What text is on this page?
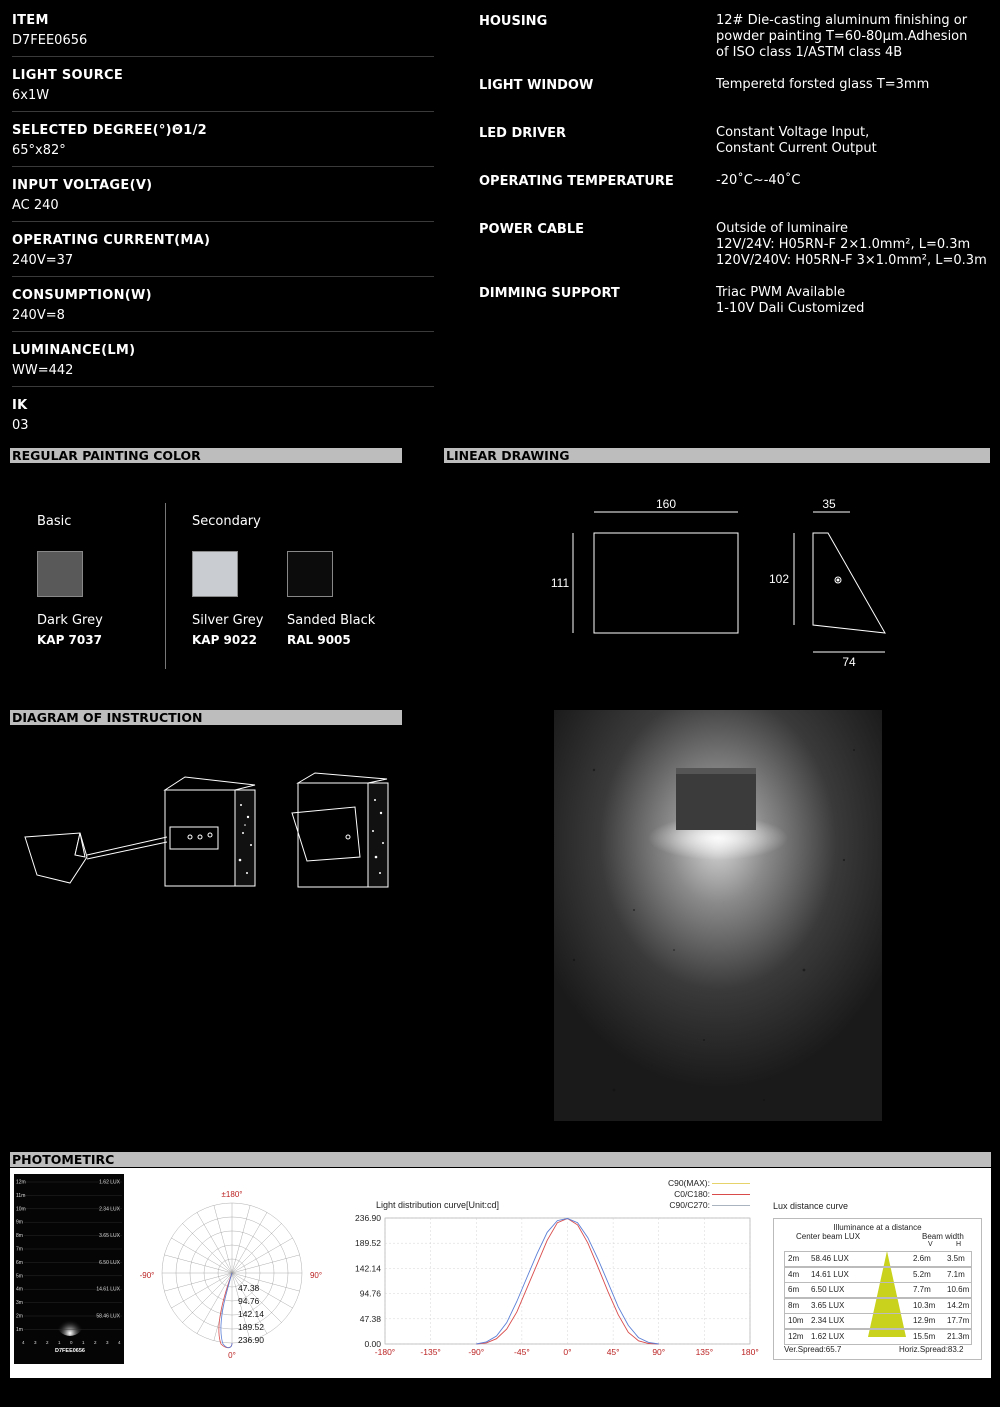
ITEM
D7FEE0656
LIGHT SOURCE
6x1W
SELECTED DEGREE(°)Θ1/2
65°x82°
INPUT VOLTAGE(V)
AC 240
OPERATING CURRENT(MA)
240V=37
CONSUMPTION(W)
240V=8
LUMINANCE(LM)
WW=442
IK
03
HOUSING	12# Die-casting aluminum finishing or
powder painting T=60-80μm.Adhesion
of ISO class 1/ASTM class 4B
LIGHT WINDOW	Temperetd forsted glass T=3mm
LED DRIVER	Constant Voltage Input,
Constant Current Output
OPERATING TEMPERATURE	-20˚C~-40˚C
POWER CABLE	Outside of luminaire
12V/24V: H05RN-F 2×1.0mm², L=0.3m
120V/240V: H05RN-F 3×1.0mm², L=0.3m
DIMMING SUPPORT	Triac PWM Available
1-10V Dali Customized
REGULAR PAINTING COLOR	LINEAR DRAWING
DIAGRAM OF INSTRUCTION
PHOTOMETIRC
Basic	Secondary
Dark Grey	Silver Grey Sanded Black
KAP 7037	KAP 9022	RAL 9005
160
111
35
102
74
12m
11m
10m
9m
8m
7m
6m
5m
4m
3m
2m
1m
1.62 LUX
2.34 LUX
3.65 LUX
6.50 LUX
14.61 LUX
58.46 LUX
4 3 2 1 0 1 2 3 4
D7FEE0656
±180°
-90°	90°
0°
47.38
94.76
142.14
189.52
236.90
C90(MAX):
C0/C180:
C90/C270:
Light distribution curve[Unit:cd]
-180°	-135°	-90°	-45°	0°	45°	90°	135°	180°
236.90
189.52
142.14
94.76
47.38
0.00
Lux distance curve
Illuminance at a distance
Center beam LUX	Beam width
V	H
2m 58.46 LUX	2.6m 3.5m
4m 14.61 LUX	5.2m 7.1m
6m 6.50 LUX	7.7m 10.6m
8m 3.65 LUX	10.3m 14.2m
10m 2.34 LUX	12.9m 17.7m
12m 1.62 LUX	15.5m 21.3m
Ver.Spread:65.7	Horiz.Spread:83.2
